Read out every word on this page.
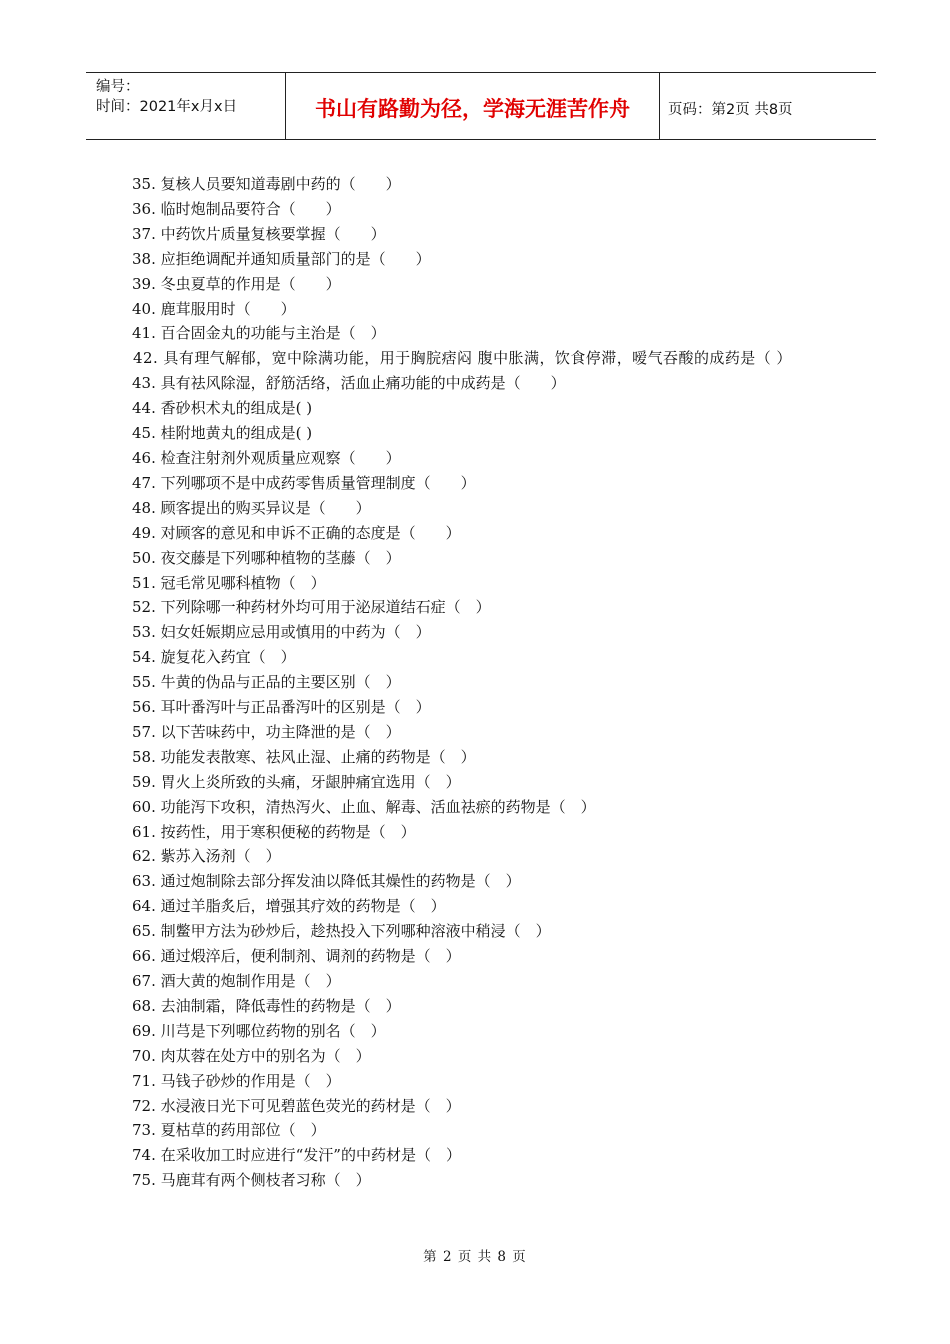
编号：
时间：2021年x月x日	书山有路勤为径，学海无涯苦作舟	页码：第2页 共8页
35. 复核人员要知道毒剧中药的（　　）
36. 临时炮制品要符合（　　）
37. 中药饮片质量复核要掌握（　　）
38. 应拒绝调配并通知质量部门的是（　　）
39. 冬虫夏草的作用是（　　）
40. 鹿茸服用时（　　）
41. 百合固金丸的功能与主治是（　）
42. 具有理气解郁，宽中除满功能，用于胸脘痞闷 腹中胀满，饮食停滞，嗳气吞酸的成药是（ ）
43. 具有祛风除湿，舒筋活络，活血止痛功能的中成药是（　　）
44. 香砂枳术丸的组成是( )
45. 桂附地黄丸的组成是( )
46. 检查注射剂外观质量应观察（　　）
47. 下列哪项不是中成药零售质量管理制度（　　）
48. 顾客提出的购买异议是（　　）
49. 对顾客的意见和申诉不正确的态度是（　　）
50. 夜交藤是下列哪种植物的茎藤（　）
51. 冠毛常见哪科植物（　）
52. 下列除哪一种药材外均可用于泌尿道结石症（　）
53. 妇女妊娠期应忌用或慎用的中药为（　）
54. 旋复花入药宜（　）
55. 牛黄的伪品与正品的主要区别（　）
56. 耳叶番泻叶与正品番泻叶的区别是（　）
57. 以下苦味药中，功主降泄的是（　）
58. 功能发表散寒、祛风止湿、止痛的药物是（　）
59. 胃火上炎所致的头痛，牙龈肿痛宜选用（　）
60. 功能泻下攻积，清热泻火、止血、解毒、活血祛瘀的药物是（　）
61. 按药性，用于寒积便秘的药物是（　）
62. 紫苏入汤剂（　）
63. 通过炮制除去部分挥发油以降低其燥性的药物是（　）
64. 通过羊脂炙后，增强其疗效的药物是（　）
65. 制鳖甲方法为砂炒后，趁热投入下列哪种溶液中稍浸（　）
66. 通过煅淬后，便利制剂、调剂的药物是（　）
67. 酒大黄的炮制作用是（　）
68. 去油制霜，降低毒性的药物是（　）
69. 川芎是下列哪位药物的别名（　）
70. 肉苁蓉在处方中的别名为（　）
71. 马钱子砂炒的作用是（　）
72. 水浸液日光下可见碧蓝色荧光的药材是（　）
73. 夏枯草的药用部位（　）
74. 在采收加工时应进行“发汗”的中药材是（　）
75. 马鹿茸有两个侧枝者习称（　）
第 2 页 共 8 页
